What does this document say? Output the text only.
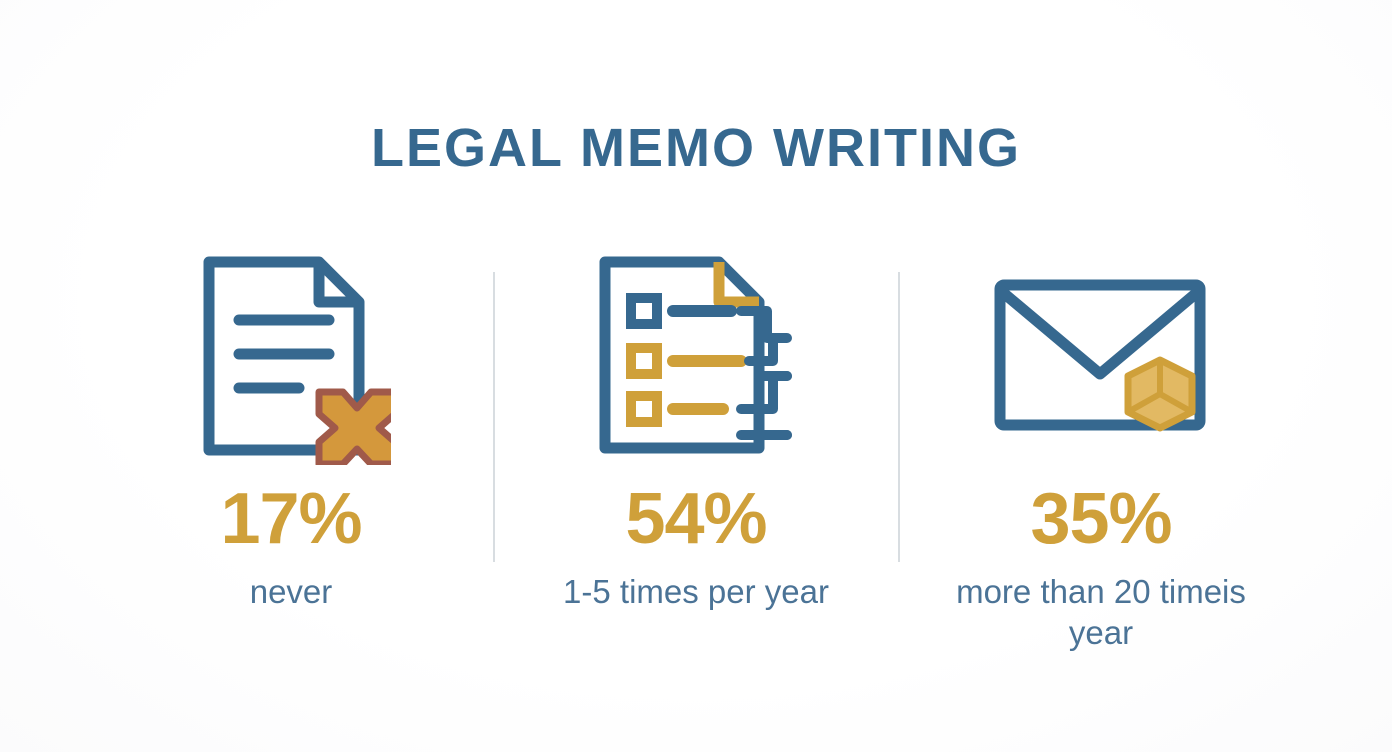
LEGAL MEMO WRITING
17%
never
54%
1-5 times per year
35%
more than 20 timeis year
